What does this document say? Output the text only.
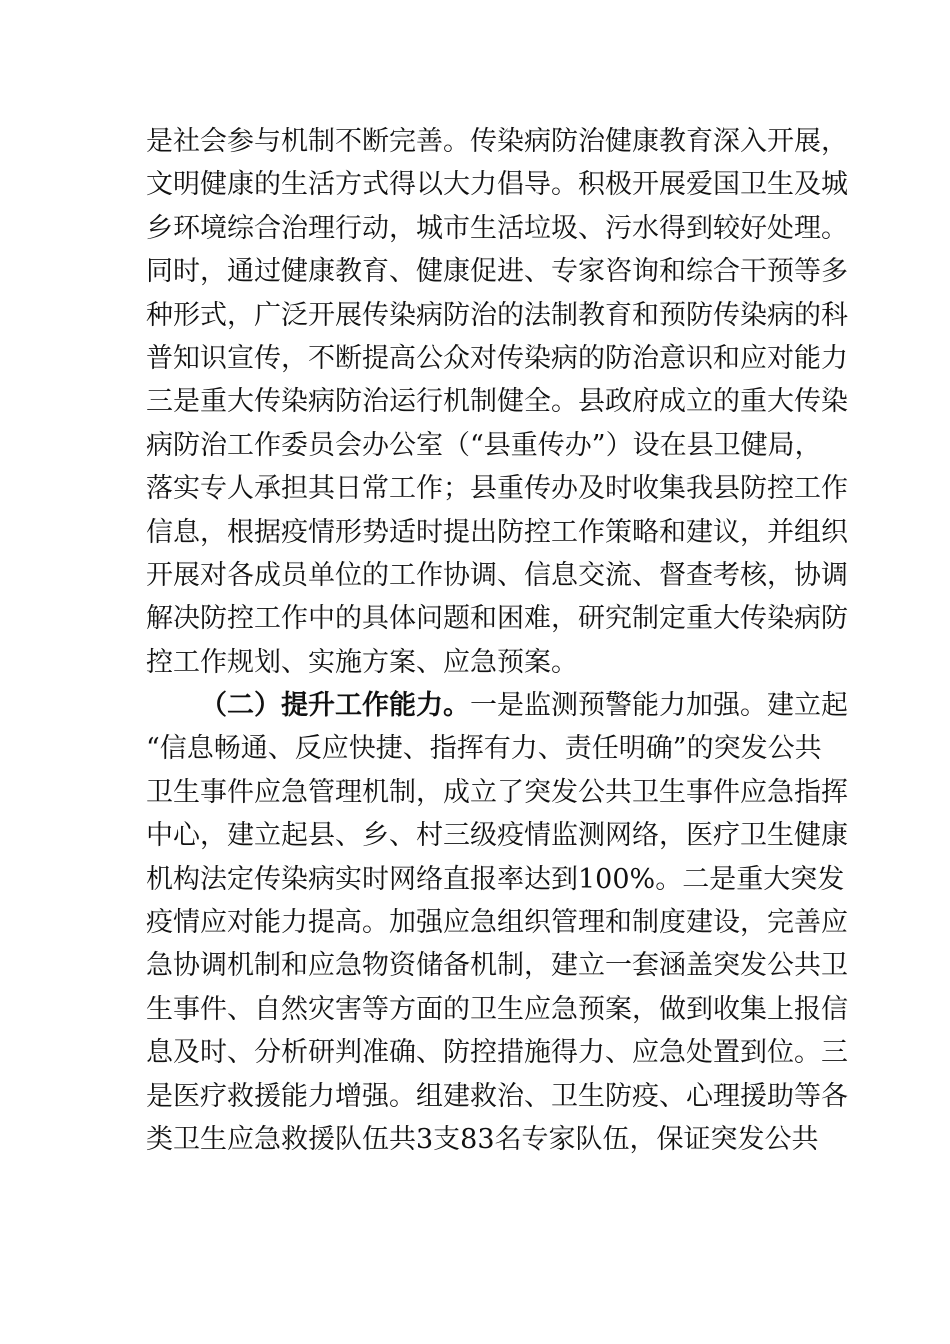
是社会参与机制不断完善。传染病防治健康教育深入开展，
文明健康的生活方式得以大力倡导。积极开展爱国卫生及城
乡环境综合治理行动，城市生活垃圾、污水得到较好处理。
同时，通过健康教育、健康促进、专家咨询和综合干预等多
种形式，广泛开展传染病防治的法制教育和预防传染病的科
普知识宣传，不断提高公众对传染病的防治意识和应对能力
三是重大传染病防治运行机制健全。县政府成立的重大传染
病防治工作委员会办公室（“县重传办”）设在县卫健局，
落实专人承担其日常工作；县重传办及时收集我县防控工作
信息，根据疫情形势适时提出防控工作策略和建议，并组织
开展对各成员单位的工作协调、信息交流、督查考核，协调
解决防控工作中的具体问题和困难，研究制定重大传染病防
控工作规划、实施方案、应急预案。
（二）提升工作能力。一是监测预警能力加强。建立起
“信息畅通、反应快捷、指挥有力、责任明确”的突发公共
卫生事件应急管理机制，成立了突发公共卫生事件应急指挥
中心，建立起县、乡、村三级疫情监测网络，医疗卫生健康
机构法定传染病实时网络直报率达到100%。二是重大突发
疫情应对能力提高。加强应急组织管理和制度建设，完善应
急协调机制和应急物资储备机制，建立一套涵盖突发公共卫
生事件、自然灾害等方面的卫生应急预案，做到收集上报信
息及时、分析研判准确、防控措施得力、应急处置到位。三
是医疗救援能力增强。组建救治、卫生防疫、心理援助等各
类卫生应急救援队伍共3支83名专家队伍，保证突发公共
